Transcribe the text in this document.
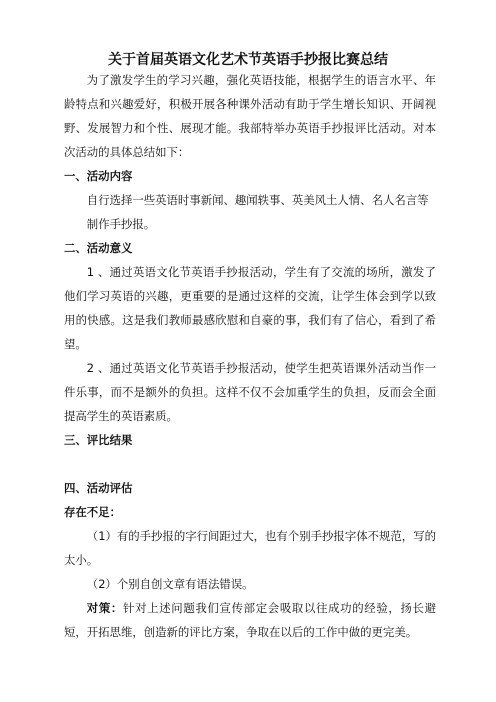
关于首届英语文化艺术节英语手抄报比赛总结

为了激发学生的学习兴趣，强化英语技能，根据学生的语言水平、年龄特点和兴趣爱好，积极开展各种课外活动有助于学生增长知识、开阔视野、发展智力和个性、展现才能。我部特举办英语手抄报评比活动。对本次活动的具体总结如下：

一、活动内容

自行选择一些英语时事新闻、趣闻轶事、英美风土人情、名人名言等制作手抄报。

二、活动意义

1 、通过英语文化节英语手抄报活动，学生有了交流的场所，激发了他们学习英语的兴趣，更重要的是通过这样的交流，让学生体会到学以致用的快感。这是我们教师最感欣慰和自豪的事，我们有了信心，看到了希望。

2 、通过英语文化节英语手抄报活动，使学生把英语课外活动当作一件乐事，而不是额外的负担。这样不仅不会加重学生的负担，反而会全面提高学生的英语素质。

三、评比结果

四、活动评估

存在不足：

（1）有的手抄报的字行间距过大，也有个别手抄报字体不规范，写的太小。

（2）个别自创文章有语法错误。

对策：针对上述问题我们宣传部定会吸取以往成功的经验，扬长避短，开拓思维，创造新的评比方案，争取在以后的工作中做的更完美。
